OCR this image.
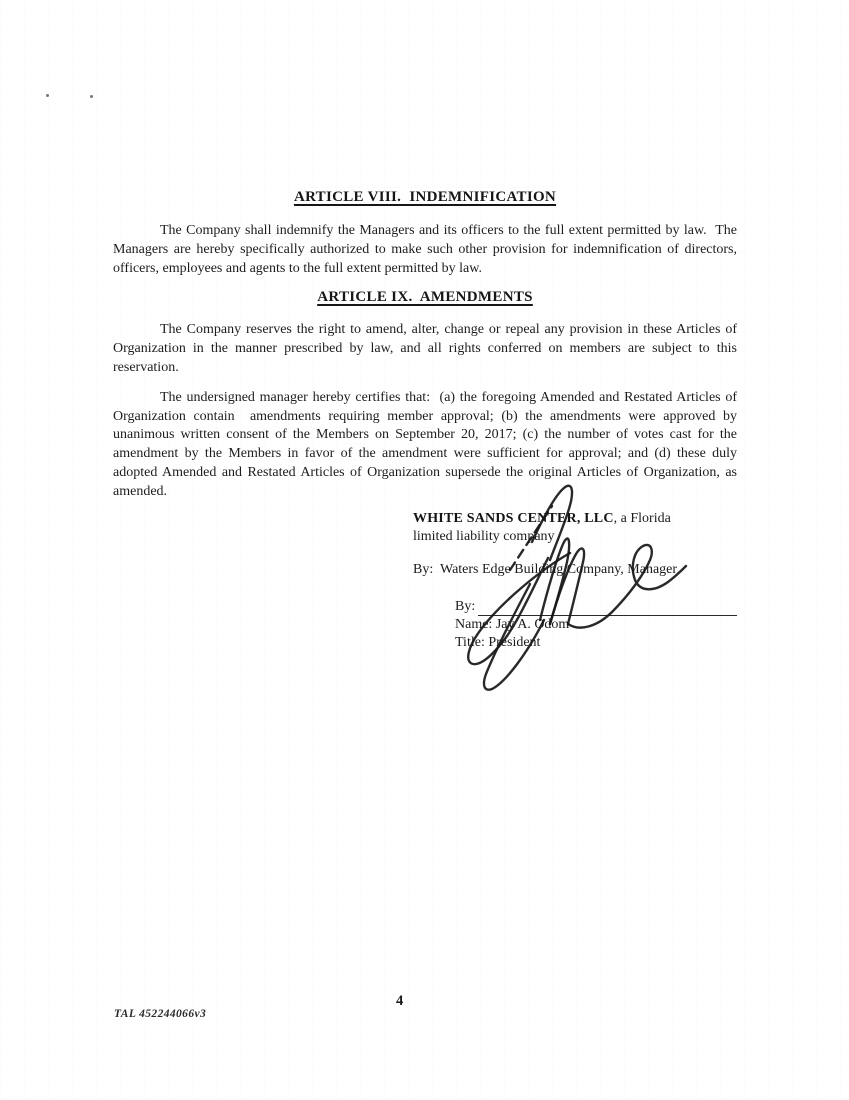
ARTICLE VIII.  INDEMNIFICATION

The Company shall indemnify the Managers and its officers to the full extent permitted by law.  The Managers are hereby specifically authorized to make such other provision for indemnification of directors, officers, employees and agents to the full extent permitted by law.

ARTICLE IX.  AMENDMENTS

The Company reserves the right to amend, alter, change or repeal any provision in these Articles of Organization in the manner prescribed by law, and all rights conferred on members are subject to this reservation.

The undersigned manager hereby certifies that:  (a) the foregoing Amended and Restated Articles of Organization contain  amendments requiring member approval; (b) the amendments were approved by unanimous written consent of the Members on September 20, 2017; (c) the number of votes cast for the amendment by the Members in favor of the amendment were sufficient for approval; and (d) these duly adopted Amended and Restated Articles of Organization supersede the original Articles of Organization, as amended.

WHITE SANDS CENTER, LLC, a Florida
limited liability company
By:  Waters Edge Building Company, Manager
By:
Name: Jay A. Odom
Title: President
4
TAL 452244066v3
